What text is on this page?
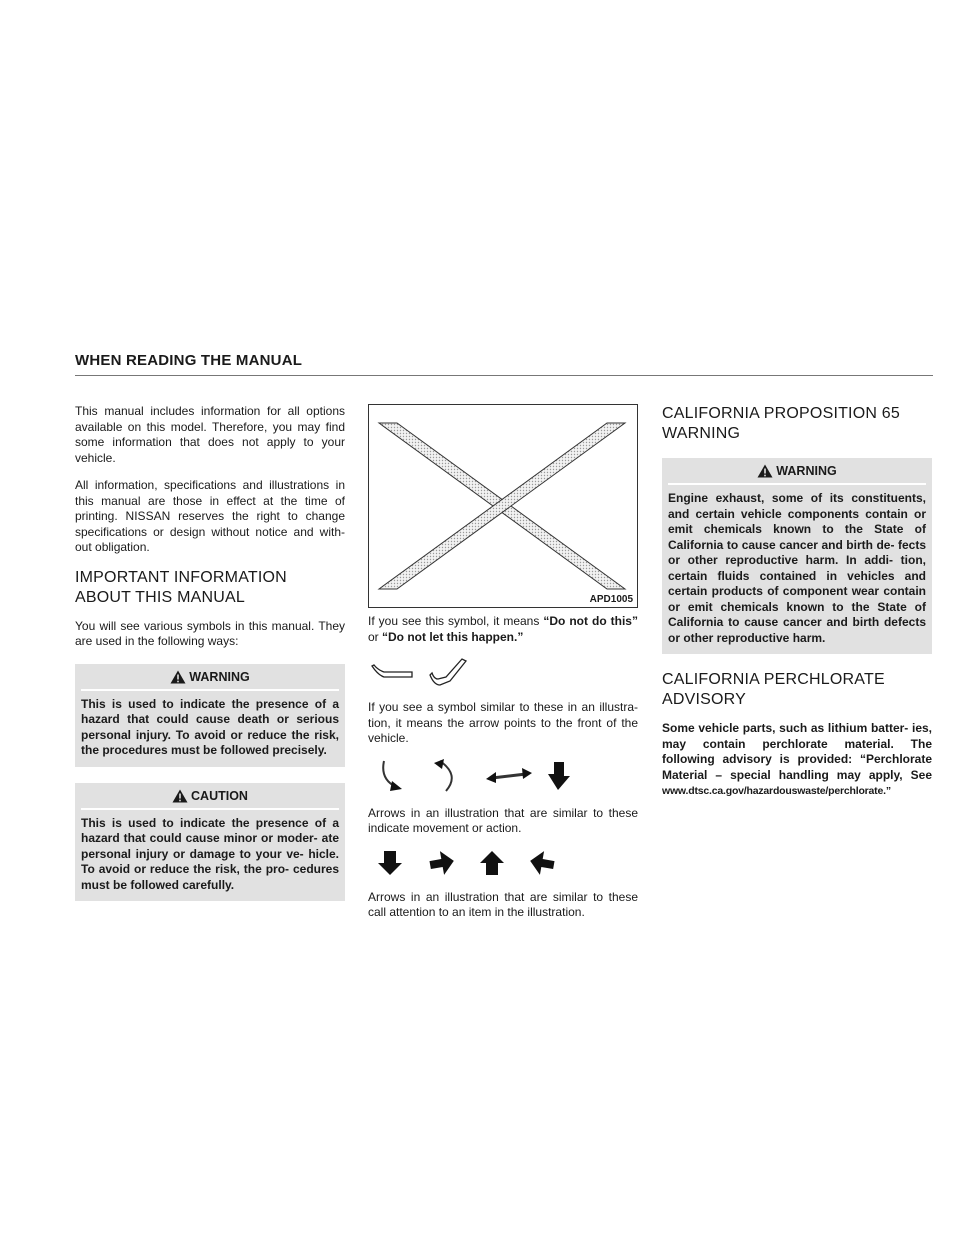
WHEN READING THE MANUAL

This manual includes information for all options available on this model. Therefore, you may find some information that does not apply to your vehicle.

All information, specifications and illustrations in this manual are those in effect at the time of printing. NISSAN reserves the right to change specifications or design without notice and with- out obligation.

IMPORTANT INFORMATION ABOUT THIS MANUAL

You will see various symbols in this manual. They are used in the following ways:

WARNING
This is used to indicate the presence of a hazard that could cause death or serious personal injury. To avoid or reduce the risk, the procedures must be followed precisely.
CAUTION
This is used to indicate the presence of a hazard that could cause minor or moder- ate personal injury or damage to your ve- hicle. To avoid or reduce the risk, the pro- cedures must be followed carefully.
APD1005

If you see this symbol, it means “Do not do this” or “Do not let this happen.”

If you see a symbol similar to these in an illustra- tion, it means the arrow points to the front of the vehicle.

Arrows in an illustration that are similar to these indicate movement or action.

Arrows in an illustration that are similar to these call attention to an item in the illustration.

CALIFORNIA PROPOSITION 65 WARNING
WARNING
Engine exhaust, some of its constituents, and certain vehicle components contain or emit chemicals known to the State of California to cause cancer and birth de- fects or other reproductive harm. In addi- tion, certain fluids contained in vehicles and certain products of component wear contain or emit chemicals known to the State of California to cause cancer and birth defects or other reproductive harm.
CALIFORNIA PERCHLORATE ADVISORY
Some vehicle parts, such as lithium batter- ies, may contain perchlorate material. The following advisory is provided: “Perchlorate Material – special handling may apply, See www.dtsc.ca.gov/hazardouswaste/perchlorate.”
